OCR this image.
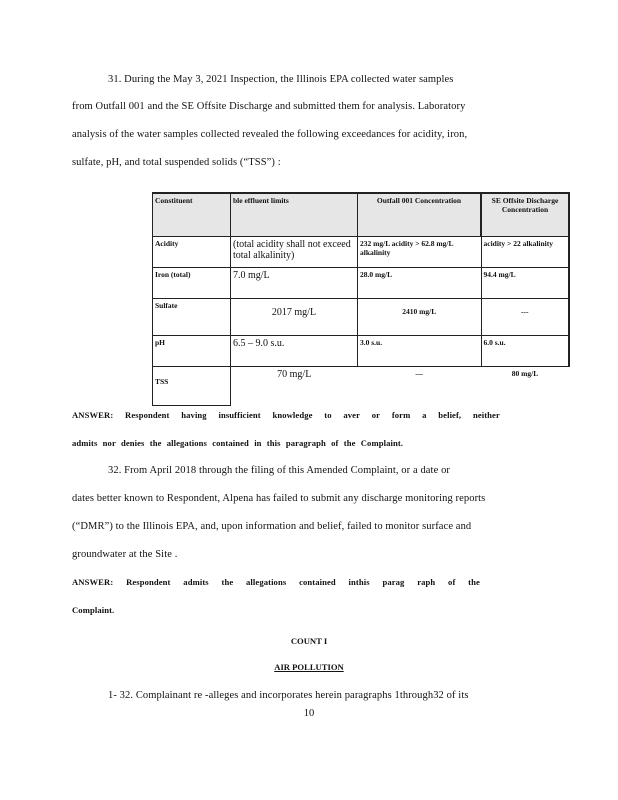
31. During the May 3, 2021 Inspection, the Illinois EPA collected water samples
from Outfall 001 and the SE Offsite Discharge and submitted them for analysis. Laboratory
analysis of the water samples collected revealed the following exceedances for acidity, iron,
sulfate, pH, and total suspended solids (“TSS”) :
Constituent	ble effluent limits	Outfall 001 Concentration	SE Offsite Discharge Concentration
Acidity	(total acidity shall not exceed total alkalinity)	232 mg/L acidity > 62.8 mg/L alkalinity	acidity > 22 alkalinity
Iron (total)	7.0 mg/L	28.0 mg/L	94.4 mg/L
Sulfate	2017 mg/L	2410 mg/L	---
pH	6.5 – 9.0 s.u.	3.0 s.u.	6.0 s.u.
TSS	70 mg/L	—	80 mg/L
ANSWER: Respondent having insufficient knowledge to aver or form a belief, neither
admits nor denies the allegations contained in this paragraph of the Complaint.
32. From April 2018 through the filing of this Amended Complaint, or a date or
dates better known to Respondent, Alpena has failed to submit any discharge monitoring reports
(“DMR”) to the Illinois EPA, and, upon information and belief, failed to monitor surface and
groundwater at the Site .
ANSWER: Respondent admits the allegations contained inthis parag raph of the
Complaint.
COUNT I
AIR POLLUTION
1- 32. Complainant re -alleges and incorporates herein paragraphs 1through32 of its
10
